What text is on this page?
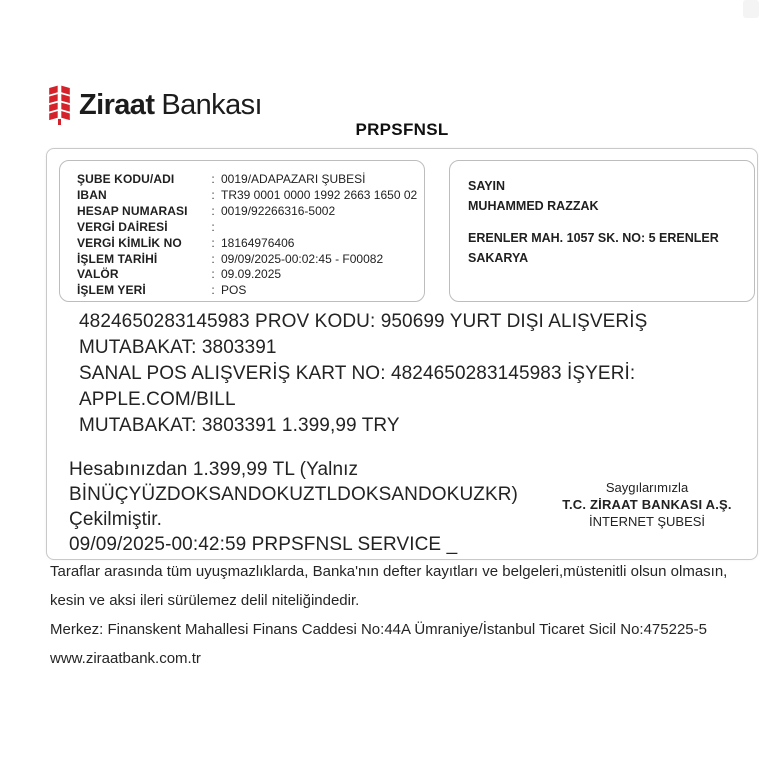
Ziraat Bankası
PRPSFNSL
ŞUBE KODU/ADI	: 0019/ADAPAZARI ŞUBESİ
IBAN	: TR39 0001 0000 1992 2663 1650 02
HESAP NUMARASI	: 0019/92266316-5002
VERGİ DAİRESİ	:
VERGİ KİMLİK NO	: 18164976406
İŞLEM TARİHİ	: 09/09/2025-00:02:45 - F00082
VALÖR	: 09.09.2025
İŞLEM YERİ	: POS
SAYIN
MUHAMMED RAZZAK
ERENLER MAH. 1057 SK. NO: 5 ERENLER
SAKARYA
4824650283145983 PROV KODU: 950699 YURT DIŞI ALIŞVERİŞ
MUTABAKAT: 3803391
SANAL POS ALIŞVERİŞ KART NO: 4824650283145983 İŞYERİ:
APPLE.COM/BILL
MUTABAKAT: 3803391 1.399,99 TRY
Hesabınızdan 1.399,99 TL (Yalnız
BİNÜÇYÜZDOKSANDOKUZTLDOKSANDOKUZKR)
Çekilmiştir.
09/09/2025-00:42:59 PRPSFNSL SERVICE _
Saygılarımızla
T.C. ZİRAAT BANKASI A.Ş.
İNTERNET ŞUBESİ
Taraflar arasında tüm uyuşmazlıklarda, Banka'nın defter kayıtları ve belgeleri,müstenitli olsun olmasın,
kesin ve aksi ileri sürülemez delil niteliğindedir.
Merkez: Finanskent Mahallesi Finans Caddesi No:44A Ümraniye/İstanbul Ticaret Sicil No:475225-5
www.ziraatbank.com.tr
